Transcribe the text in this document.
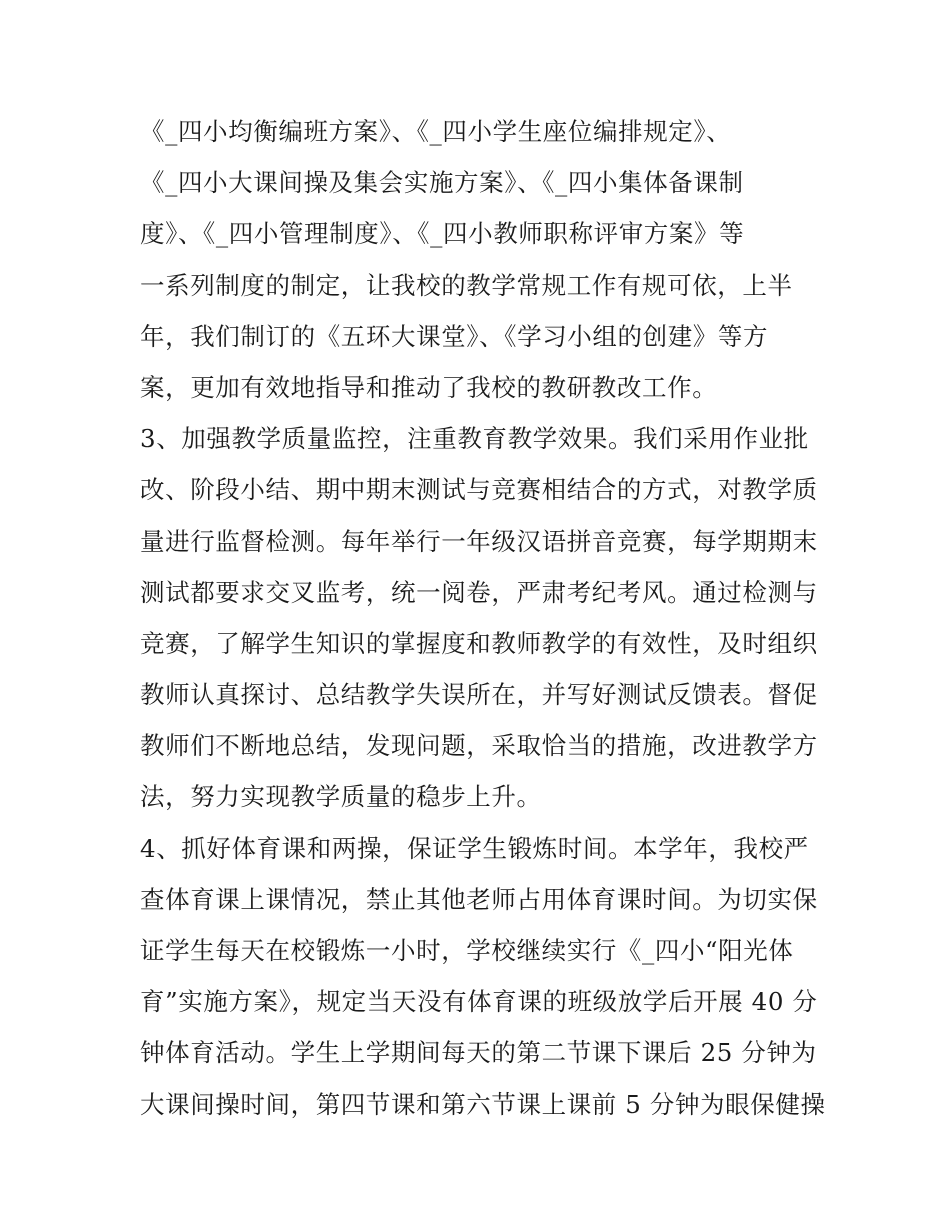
《_四小均衡编班方案》、《_四小学生座位编排规定》、
《_四小大课间操及集会实施方案》、《_四小集体备课制
度》、《_四小管理制度》、《_四小教师职称评审方案》等
一系列制度的制定，让我校的教学常规工作有规可依，上半
年，我们制订的《五环大课堂》、《学习小组的创建》等方
案，更加有效地指导和推动了我校的教研教改工作。
3、加强教学质量监控，注重教育教学效果。我们采用作业批
改、阶段小结、期中期末测试与竞赛相结合的方式，对教学质
量进行监督检测。每年举行一年级汉语拼音竞赛，每学期期末
测试都要求交叉监考，统一阅卷，严肃考纪考风。通过检测与
竞赛，了解学生知识的掌握度和教师教学的有效性，及时组织
教师认真探讨、总结教学失误所在，并写好测试反馈表。督促
教师们不断地总结，发现问题，采取恰当的措施，改进教学方
法，努力实现教学质量的稳步上升。
4、抓好体育课和两操，保证学生锻炼时间。本学年，我校严
查体育课上课情况，禁止其他老师占用体育课时间。为切实保
证学生每天在校锻炼一小时，学校继续实行《_四小“阳光体
育”实施方案》，规定当天没有体育课的班级放学后开展 40 分
钟体育活动。学生上学期间每天的第二节课下课后 25 分钟为
大课间操时间，第四节课和第六节课上课前 5 分钟为眼保健操
